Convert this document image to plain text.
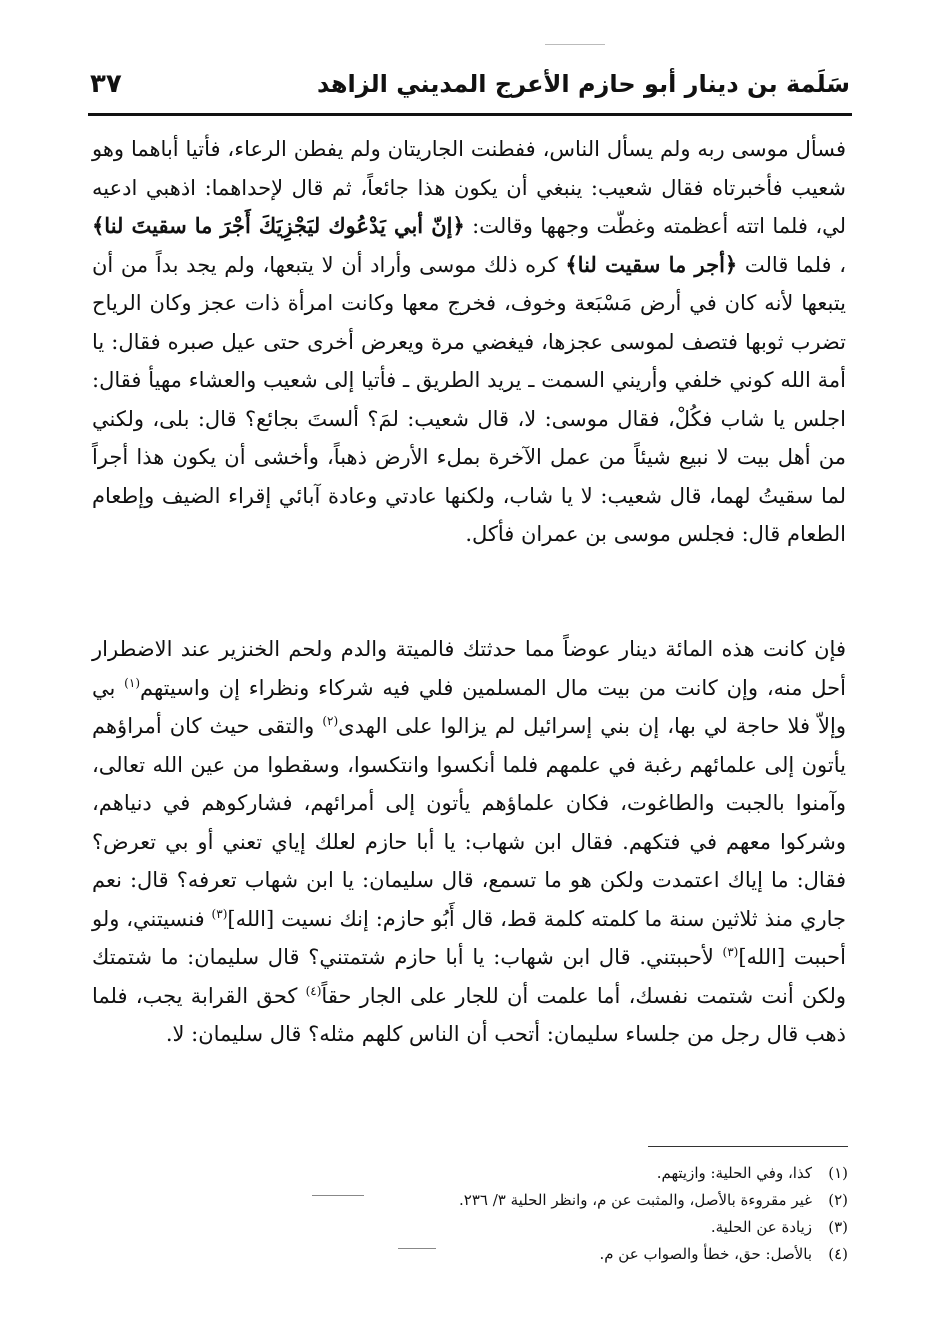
سَلَمة بن دينار أبو حازم الأعرج المديني الزاهد
٣٧

فسأل موسى ربه ولم يسأل الناس، ففطنت الجاريتان ولم يفطن الرعاء، فأتيا أباهما وهو شعيب فأخبرتاه فقال شعيب: ينبغي أن يكون هذا جائعاً، ثم قال لإحداهما: اذهبي ادعيه لي، فلما اتته أعظمته وغطّت وجهها وقالت: ﴿إنّ أبي يَدْعُوك ليَجْزِيَكَ أَجْرَ ما سقيتَ لنا﴾ ، فلما قالت ﴿أجر ما سقيت لنا﴾ كره ذلك موسى وأراد أن لا يتبعها، ولم يجد بداً من أن يتبعها لأنه كان في أرض مَسْبَعة وخوف، فخرج معها وكانت امرأة ذات عجز وكان الرياح تضرب ثوبها فتصف لموسى عجزها، فيغضي مرة ويعرض أخرى حتى عيل صبره فقال: يا أمة الله كوني خلفي وأريني السمت ـ يريد الطريق ـ فأتيا إلى شعيب والعشاء مهيأ فقال: اجلس يا شاب فكُلْ، فقال موسى: لا، قال شعيب: لمَ؟ ألستَ بجائع؟ قال: بلى، ولكني من أهل بيت لا نبيع شيئاً من عمل الآخرة بملء الأرض ذهباً، وأخشى أن يكون هذا أجراً لما سقيتُ لهما، قال شعيب: لا يا شاب، ولكنها عادتي وعادة آبائي إقراء الضيف وإطعام الطعام قال: فجلس موسى بن عمران فأكل.

فإن كانت هذه المائة دينار عوضاً مما حدثتك فالميتة والدم ولحم الخنزير عند الاضطرار أحل منه، وإن كانت من بيت مال المسلمين فلي فيه شركاء ونظراء إن واسيتهم$^{(١)}$ بي وإلاّ فلا حاجة لي بها، إن بني إسرائيل لم يزالوا على الهدى$^{(٢)}$ والتقى حيث كان أمراؤهم يأتون إلى علمائهم رغبة في علمهم فلما أنكسوا وانتكسوا، وسقطوا من عين الله تعالى، وآمنوا بالجبت والطاغوت، فكان علماؤهم يأتون إلى أمرائهم، فشاركوهم في دنياهم، وشركوا معهم في فتكهم. فقال ابن شهاب: يا أبا حازم لعلك إياي تعني أو بي تعرض؟ فقال: ما إياك اعتمدت ولكن هو ما تسمع، قال سليمان: يا ابن شهاب تعرفه؟ قال: نعم جاري منذ ثلاثين سنة ما كلمته كلمة قط، قال أَبُو حازم: إنك نسيت [الله]$^{(٣)}$ فنسيتني، ولو أحببت [الله]$^{(٣)}$ لأحببتني. قال ابن شهاب: يا أبا حازم شتمتني؟ قال سليمان: ما شتمتك ولكن أنت شتمت نفسك، أما علمت أن للجار على الجار حقاً$^{(٤)}$ كحق القرابة يجب، فلما ذهب قال رجل من جلساء سليمان: أتحب أن الناس كلهم مثله؟ قال سليمان: لا.

(١)كذا، وفي الحلية: وازيتهم.
(٢)غير مقروءة بالأصل، والمثبت عن م، وانظر الحلية ٣/ ٢٣٦.
(٣)زيادة عن الحلية.
(٤)بالأصل: حق، خطأ والصواب عن م.
